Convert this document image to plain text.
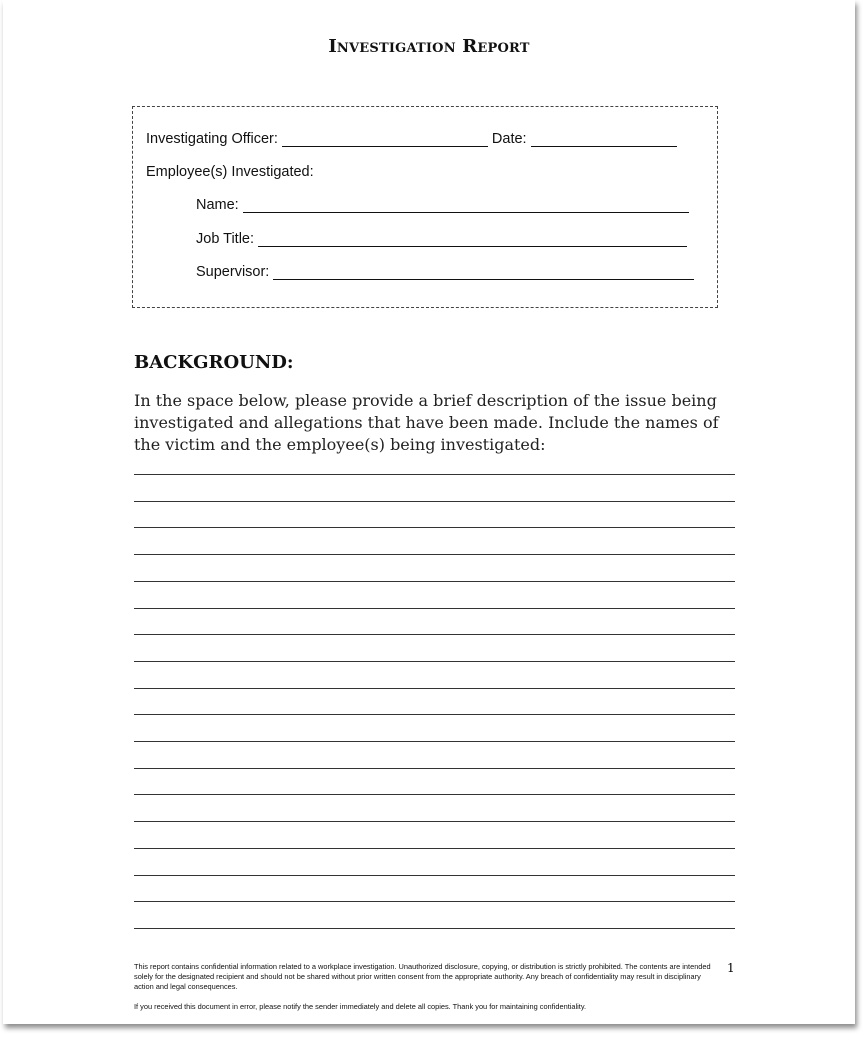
Investigation Report
Investigating Officer:	Date:
Employee(s) Investigated:
Name:
Job Title:
Supervisor:
BACKGROUND:
In the space below, please provide a brief description of the issue being investigated and allegations that have been made. Include the names of the victim and the employee(s) being investigated:
This report contains confidential information related to a workplace investigation. Unauthorized disclosure, copying, or distribution is strictly prohibited. The contents are intended solely for the designated recipient and should not be shared without prior written consent from the appropriate authority. Any breach of confidentiality may result in disciplinary action and legal consequences.
If you received this document in error, please notify the sender immediately and delete all copies. Thank you for maintaining confidentiality.
1
